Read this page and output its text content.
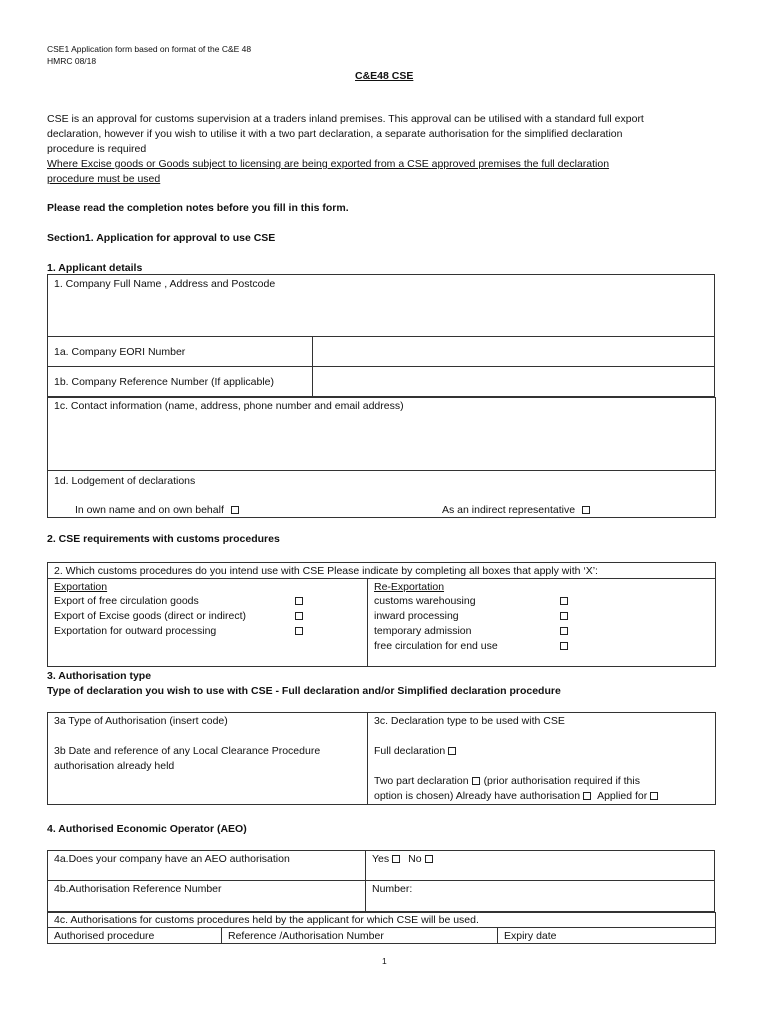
CSE1 Application form based on format of the C&E 48
HMRC 08/18
C&E48 CSE
CSE is an approval for customs supervision at a traders inland premises. This approval can be utilised with a standard full export
declaration, however if you wish to utilise it with a two part declaration, a separate authorisation for the simplified declaration
procedure is required
Where Excise goods or Goods subject to licensing are being exported from a CSE approved premises the full declaration
procedure must be used
Please read the completion notes before you fill in this form.
Section1. Application for approval to use CSE
1. Applicant details
1. Company Full Name , Address and Postcode
1a. Company EORI Number
1b. Company Reference Number (If applicable)
1c. Contact information (name, address, phone number and email address)
1d. Lodgement of declarations
In own name and on own behalf	As an indirect representative
2. CSE requirements with customs procedures
2. Which customs procedures do you intend use with CSE Please indicate by completing all boxes that apply with ‘X’:
Exportation
Export of free circulation goods
Export of Excise goods (direct or indirect)
Exportation for outward processing
Re-Exportation
customs warehousing
inward processing
temporary admission
free circulation for end use
3. Authorisation type
Type of declaration you wish to use with CSE - Full declaration and/or Simplified declaration procedure
3a Type of Authorisation (insert code)
3b Date and reference of any Local Clearance Procedure
authorisation already held
3c. Declaration type to be used with CSE
Full declaration
Two part declaration (prior authorisation required if this
option is chosen) Already have authorisation Applied for
4. Authorised Economic Operator (AEO)
4a.Does your company have an AEO authorisation	Yes No
4b.Authorisation Reference Number	Number:
4c. Authorisations for customs procedures held by the applicant for which CSE will be used.
Authorised procedure	Reference /Authorisation Number	Expiry date
1
